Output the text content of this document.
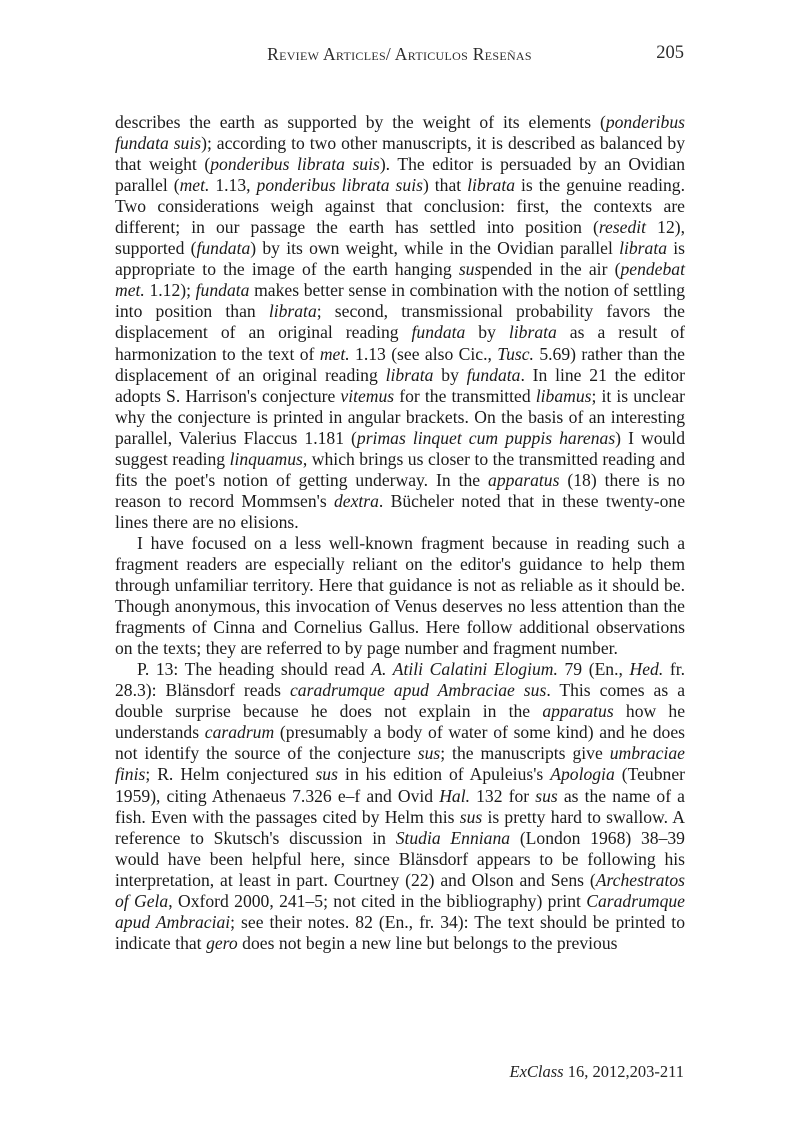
Review Articles/ Articulos Reseñas	205

describes the earth as supported by the weight of its elements (ponderibus fundata suis); according to two other manuscripts, it is described as balanced by that weight (ponderibus librata suis). The editor is persuaded by an Ovidian parallel (met. 1.13, ponderibus librata suis) that librata is the genuine reading. Two considerations weigh against that conclusion: first, the contexts are different; in our passage the earth has settled into position (resedit 12), supported (fundata) by its own weight, while in the Ovidian parallel librata is appropriate to the image of the earth hanging suspended in the air (pendebat met. 1.12); fundata makes better sense in combination with the notion of settling into position than librata; second, transmissional probability favors the displacement of an original reading fundata by librata as a result of harmonization to the text of met. 1.13 (see also Cic., Tusc. 5.69) rather than the displacement of an original reading librata by fundata. In line 21 the editor adopts S. Harrison's conjecture vitemus for the transmitted libamus; it is unclear why the conjecture is printed in angular brackets. On the basis of an interesting parallel, Valerius Flaccus 1.181 (primas linquet cum puppis harenas) I would suggest reading linquamus, which brings us closer to the transmitted reading and fits the poet's notion of getting underway. In the apparatus (18) there is no reason to record Mommsen's dextra. Bücheler noted that in these twenty-one lines there are no elisions.

I have focused on a less well-known fragment because in reading such a fragment readers are especially reliant on the editor's guidance to help them through unfamiliar territory. Here that guidance is not as reliable as it should be. Though anonymous, this invocation of Venus deserves no less attention than the fragments of Cinna and Cornelius Gallus. Here follow additional observations on the texts; they are referred to by page number and fragment number.

P. 13: The heading should read A. Atili Calatini Elogium. 79 (En., Hed. fr. 28.3): Blänsdorf reads caradrumque apud Ambraciae sus. This comes as a double surprise because he does not explain in the apparatus how he understands caradrum (presumably a body of water of some kind) and he does not identify the source of the conjecture sus; the manuscripts give umbraciae finis; R. Helm conjectured sus in his edition of Apuleius's Apologia (Teubner 1959), citing Athenaeus 7.326 e–f and Ovid Hal. 132 for sus as the name of a fish. Even with the passages cited by Helm this sus is pretty hard to swallow. A reference to Skutsch's discussion in Studia Enniana (London 1968) 38–39 would have been helpful here, since Blänsdorf appears to be following his interpretation, at least in part. Courtney (22) and Olson and Sens (Archestratos of Gela, Oxford 2000, 241–5; not cited in the bibliography) print Caradrumque apud Ambraciai; see their notes. 82 (En., fr. 34): The text should be printed to indicate that gero does not begin a new line but belongs to the previous

ExClass 16, 2012,203-211
